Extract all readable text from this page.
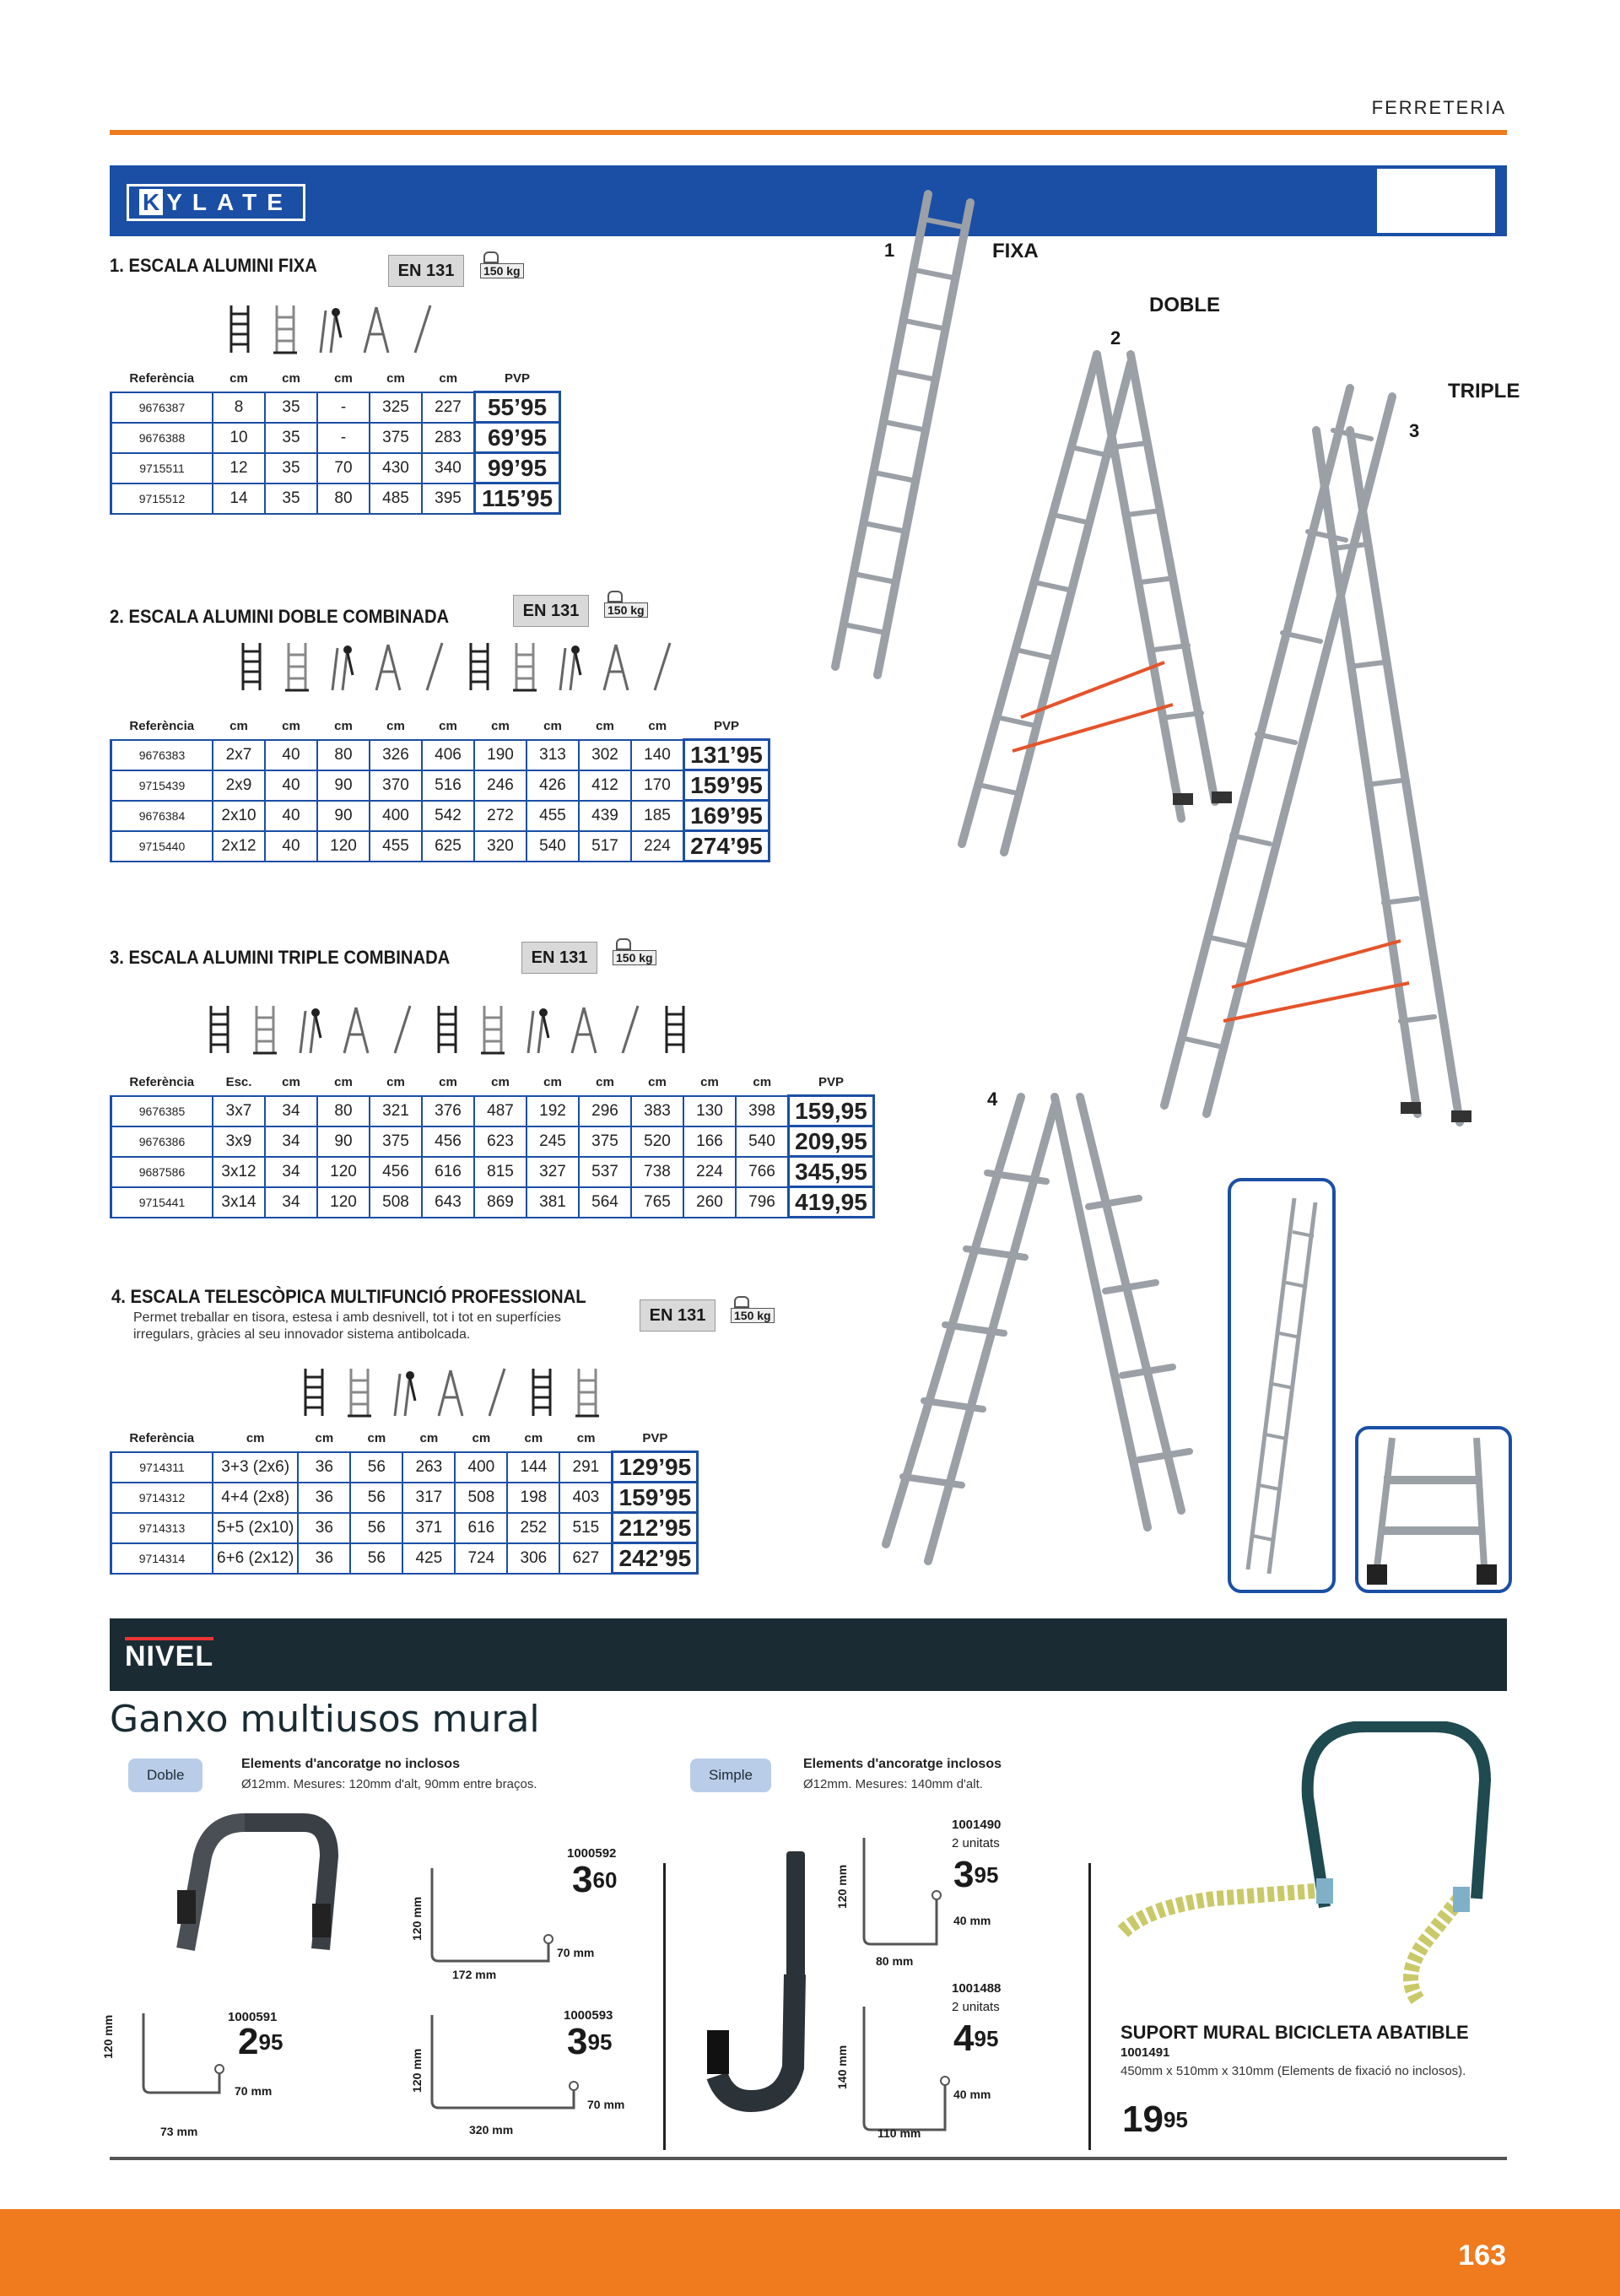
FERRETERIA
K YLATE
1. ESCALA ALUMINI FIXA	EN 131	150 kg
Referència	cm	cm	cm	cm	cm	PVP
9676387	8	35	-	325	227	55’95
9676388	10	35	-	375	283	69’95
9715511	12	35	70	430	340	99’95
9715512	14	35	80	485	395	115’95
2. ESCALA ALUMINI DOBLE COMBINADA	EN 131	150 kg
Referència	cm	cm	cm	cm	cm	cm	cm	cm	cm	PVP
9676383	2x7	40	80	326	406	190	313	302	140	131’95
9715439	2x9	40	90	370	516	246	426	412	170	159’95
9676384	2x10	40	90	400	542	272	455	439	185	169’95
9715440	2x12	40	120	455	625	320	540	517	224	274’95
3. ESCALA ALUMINI TRIPLE COMBINADA	EN 131	150 kg
Referència	Esc.	cm	cm	cm	cm	cm	cm	cm	cm	cm	cm	PVP
9676385	3x7	34	80	321	376	487	192	296	383	130	398	159,95
9676386	3x9	34	90	375	456	623	245	375	520	166	540	209,95
9687586	3x12	34	120	456	616	815	327	537	738	224	766	345,95
9715441	3x14	34	120	508	643	869	381	564	765	260	796	419,95
4. ESCALA TELESCÒPICA MULTIFUNCIÓ PROFESSIONAL
Permet treballar en tisora, estesa i amb desnivell, tot i tot en superfícies irregulars, gràcies al seu innovador sistema antibolcada.
EN 131	150 kg
Referència	cm	cm	cm	cm	cm	cm	cm	PVP
9714311	3+3 (2x6)	36	56	263	400	144	291	129’95
9714312	4+4 (2x8)	36	56	317	508	198	403	159’95
9714313	5+5 (2x10)	36	56	371	616	252	515	212’95
9714314	6+6 (2x12)	36	56	425	724	306	627	242’95
1	FIXA
2
DOBLE
3
TRIPLE
4
NIVEL
Ganxo multiusos mural
Doble
Elements d'ancoratge no inclosos
Ø12mm. Mesures: 120mm d'alt, 90mm entre braços.
Simple
Elements d'ancoratge inclosos
Ø12mm. Mesures: 140mm d'alt.
1000591
$2^{95}$
120 mm
73 mm
70 mm
1000592
$3^{60}$
120 mm
172 mm
70 mm
1000593
$3^{95}$
120 mm
320 mm
70 mm
1001490
2 unitats
$3^{95}$
120 mm
80 mm
40 mm
1001488
2 unitats
$4^{95}$
140 mm
110 mm
40 mm
SUPORT MURAL BICICLETA ABATIBLE
1001491
450mm x 510mm x 310mm (Elements de fixació no inclosos).
$19^{95}$
163
